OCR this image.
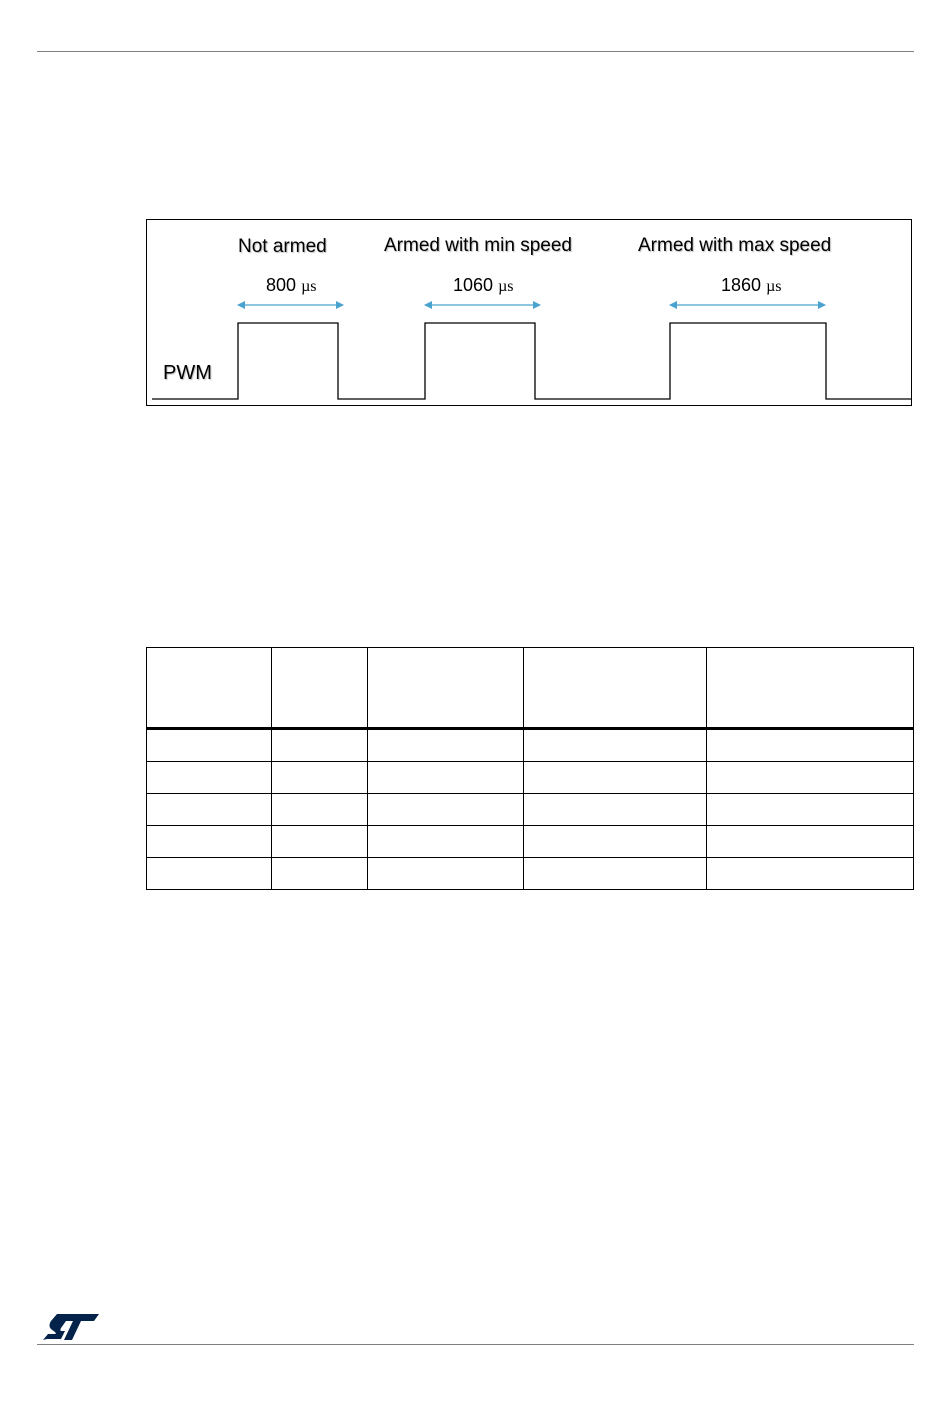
Not armed	Armed with min speed	Armed with max speed
800 µs	1060 µs	1860 µs
PWM
